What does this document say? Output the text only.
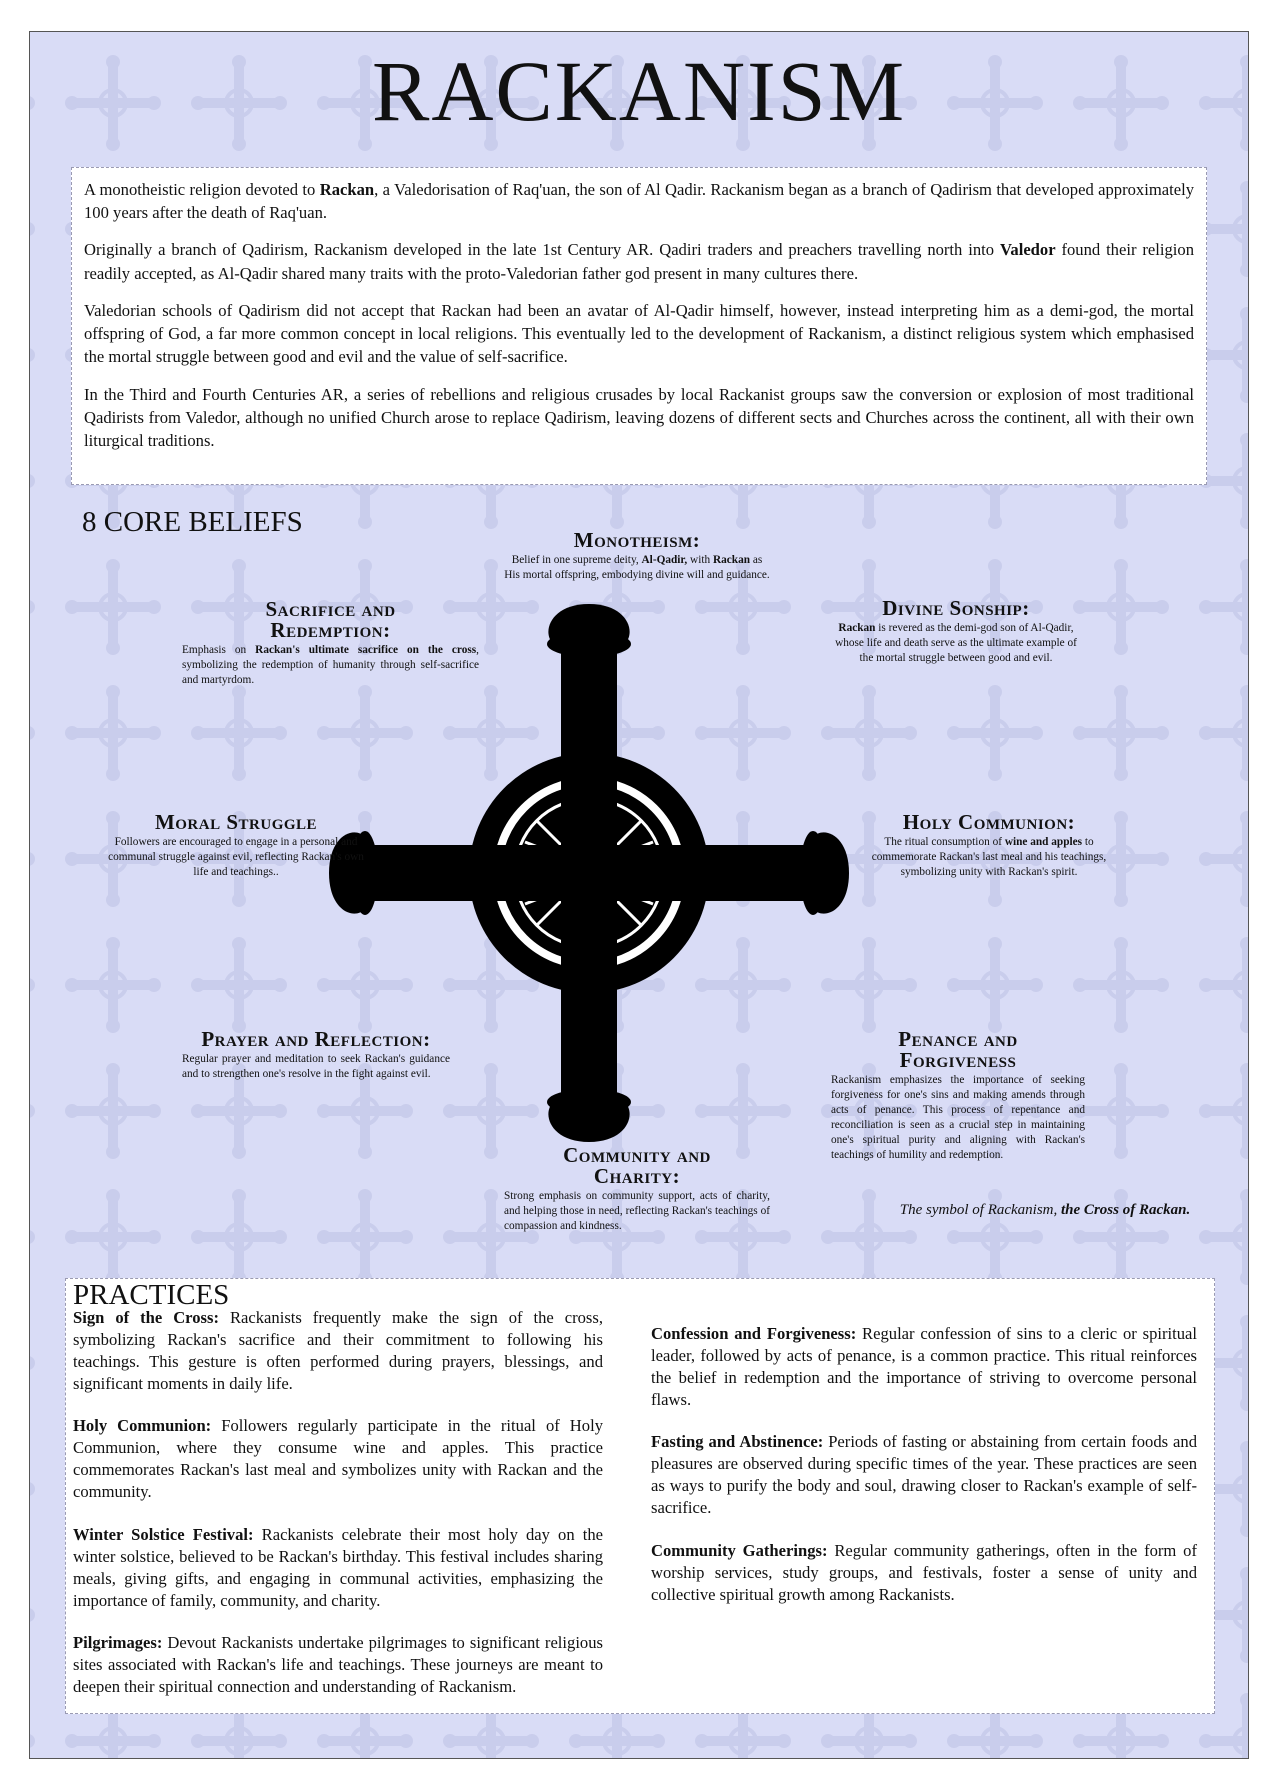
RACKANISM

A monotheistic religion devoted to Rackan, a Valedorisation of Raq'uan, the son of Al Qadir. Rackanism began as a branch of Qadirism that developed approximately 100 years after the death of Raq'uan.

Originally a branch of Qadirism, Rackanism developed in the late 1st Century AR. Qadiri traders and preachers travelling north into Valedor found their religion readily accepted, as Al-Qadir shared many traits with the proto-Valedorian father god present in many cultures there.

Valedorian schools of Qadirism did not accept that Rackan had been an avatar of Al-Qadir himself, however, instead interpreting him as a demi-god, the mortal offspring of God, a far more common concept in local religions. This eventually led to the development of Rackanism, a distinct religious system which emphasised the mortal struggle between good and evil and the value of self-sacrifice.

In the Third and Fourth Centuries AR, a series of rebellions and religious crusades by local Rackanist groups saw the conversion or explosion of most traditional Qadirists from Valedor, although no unified Church arose to replace Qadirism, leaving dozens of different sects and Churches across the continent, all with their own liturgical traditions.

8 CORE BELIEFS
Monotheism:

Belief in one supreme deity, Al-Qadir, with Rackan as His mortal offspring, embodying divine will and guidance.

Sacrifice and Redemption:

Emphasis on Rackan's ultimate sacrifice on the cross, symbolizing the redemption of humanity through self-sacrifice and martyrdom.

Divine Sonship:

Rackan is revered as the demi-god son of Al-Qadir, whose life and death serve as the ultimate example of the mortal struggle between good and evil.

Moral Struggle

Followers are encouraged to engage in a personal and communal struggle against evil, reflecting Rackan's own life and teachings..

Holy Communion:

The ritual consumption of wine and apples to commemorate Rackan's last meal and his teachings, symbolizing unity with Rackan's spirit.

Prayer and Reflection:

Regular prayer and meditation to seek Rackan's guidance and to strengthen one's resolve in the fight against evil.

Penance and Forgiveness

Rackanism emphasizes the importance of seeking forgiveness for one's sins and making amends through acts of penance. This process of repentance and reconciliation is seen as a crucial step in maintaining one's spiritual purity and aligning with Rackan's teachings of humility and redemption.

Community and Charity:

Strong emphasis on community support, acts of charity, and helping those in need, reflecting Rackan's teachings of compassion and kindness.

The symbol of Rackanism, the Cross of Rackan.
PRACTICES

Sign of the Cross: Rackanists frequently make the sign of the cross, symbolizing Rackan's sacrifice and their commitment to following his teachings. This gesture is often performed during prayers, blessings, and significant moments in daily life.

Holy Communion: Followers regularly participate in the ritual of Holy Communion, where they consume wine and apples. This practice commemorates Rackan's last meal and symbolizes unity with Rackan and the community.

Winter Solstice Festival: Rackanists celebrate their most holy day on the winter solstice, believed to be Rackan's birthday. This festival includes sharing meals, giving gifts, and engaging in communal activities, emphasizing the importance of family, community, and charity.

Pilgrimages: Devout Rackanists undertake pilgrimages to significant religious sites associated with Rackan's life and teachings. These journeys are meant to deepen their spiritual connection and understanding of Rackanism.

Confession and Forgiveness: Regular confession of sins to a cleric or spiritual leader, followed by acts of penance, is a common practice. This ritual reinforces the belief in redemption and the importance of striving to overcome personal flaws.

Fasting and Abstinence: Periods of fasting or abstaining from certain foods and pleasures are observed during specific times of the year. These practices are seen as ways to purify the body and soul, drawing closer to Rackan's example of self-sacrifice.

Community Gatherings: Regular community gatherings, often in the form of worship services, study groups, and festivals, foster a sense of unity and collective spiritual growth among Rackanists.
